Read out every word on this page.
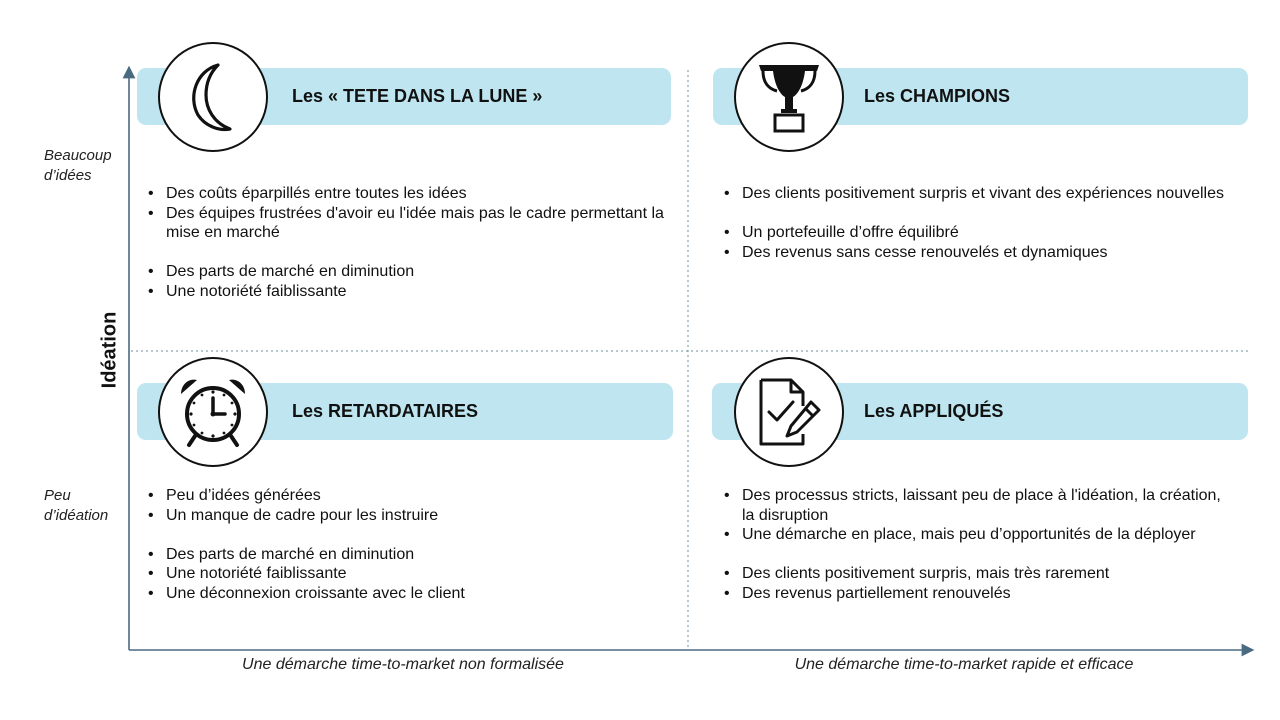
Idéation
Beaucoup d’idées
Peu d’idéation
Une démarche time-to-market non formalisée	Une démarche time-to-market rapide et efficace
Les « TETE DANS LA LUNE »
• Des coûts éparpillés entre toutes les idées
• Des équipes frustrées d'avoir eu l'idée mais pas le cadre permettant la mise en marché
• Des parts de marché en diminution
• Une notoriété faiblissante
Les CHAMPIONS
• Des clients positivement surpris et vivant des expériences nouvelles
• Un portefeuille d’offre équilibré
• Des revenus sans cesse renouvelés et dynamiques
Les RETARDATAIRES
• Peu d’idées générées
• Un manque de cadre pour les instruire
• Des parts de marché en diminution
• Une notoriété faiblissante
• Une déconnexion croissante avec le client
Les APPLIQUÉS
• Des processus stricts, laissant peu de place à l'idéation, la création, la disruption
• Une démarche en place, mais peu d’opportunités de la déployer
• Des clients positivement surpris, mais très rarement
• Des revenus partiellement renouvelés
